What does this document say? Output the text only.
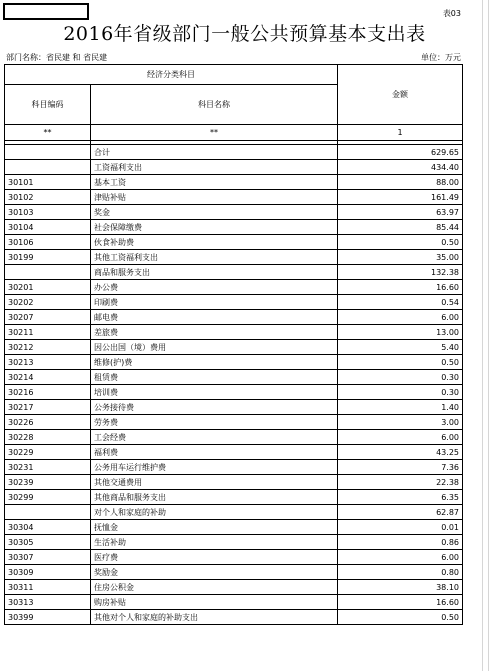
表03
2016年省级部门一般公共预算基本支出表
部门名称：省民建 和 省民建	单位：万元
经济分类科目		金额
科目编码	科目名称	
**	**	1

	合计	629.65
	工资福利支出	434.40
30101	基本工资	88.00
30102	津贴补贴	161.49
30103	奖金	63.97
30104	社会保障缴费	85.44
30106	伙食补助费	0.50
30199	其他工资福利支出	35.00
	商品和服务支出	132.38
30201	办公费	16.60
30202	印刷费	0.54
30207	邮电费	6.00
30211	差旅费	13.00
30212	因公出国（境）费用	5.40
30213	维修(护)费	0.50
30214	租赁费	0.30
30216	培训费	0.30
30217	公务接待费	1.40
30226	劳务费	3.00
30228	工会经费	6.00
30229	福利费	43.25
30231	公务用车运行维护费	7.36
30239	其他交通费用	22.38
30299	其他商品和服务支出	6.35
	对个人和家庭的补助	62.87
30304	抚恤金	0.01
30305	生活补助	0.86
30307	医疗费	6.00
30309	奖励金	0.80
30311	住房公积金	38.10
30313	购房补贴	16.60
30399	其他对个人和家庭的补助支出	0.50
